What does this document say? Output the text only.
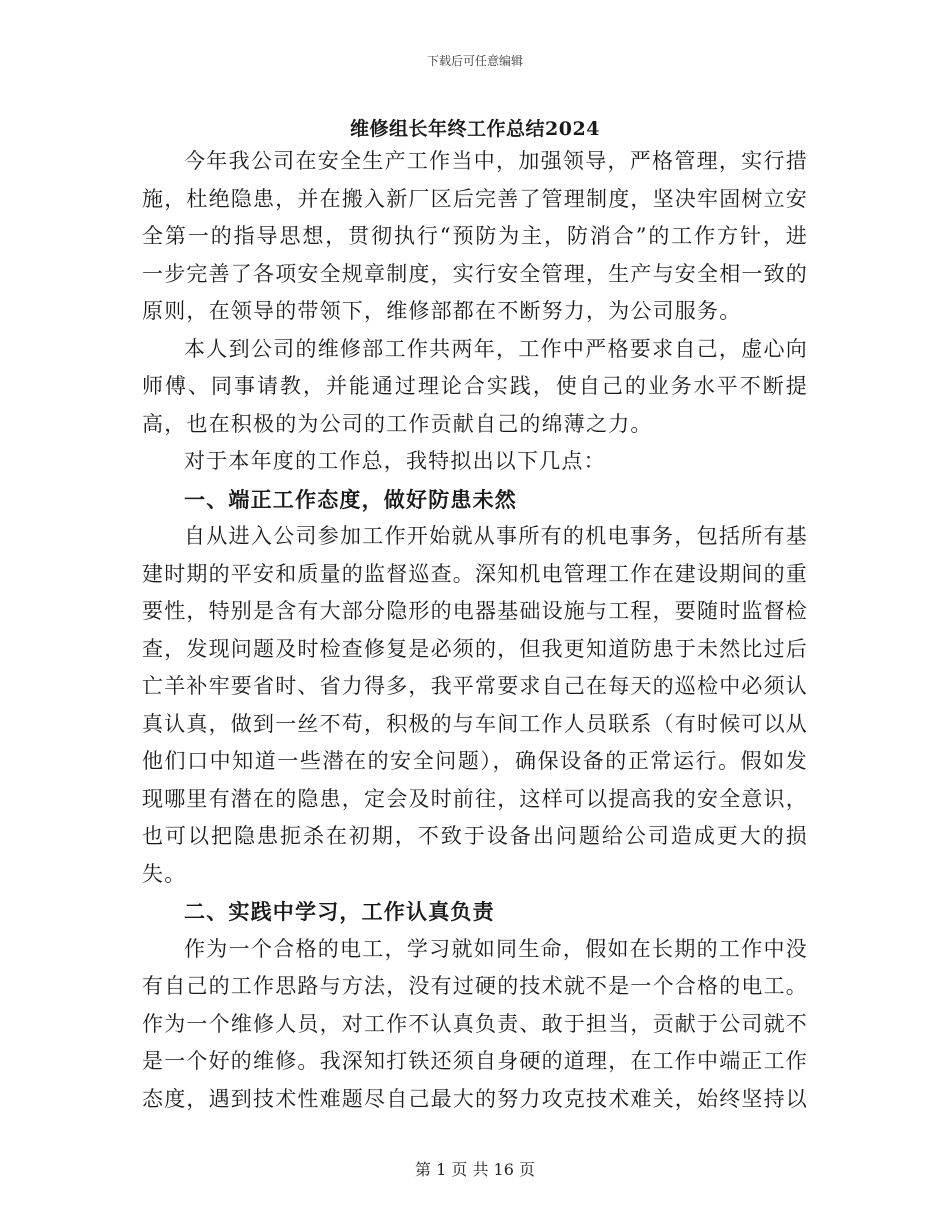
下载后可任意编辑
维修组长年终工作总结2024

今年我公司在安全生产工作当中，加强领导，严格管理，实行措施，杜绝隐患，并在搬入新厂区后完善了管理制度，坚决牢固树立安全第一的指导思想，贯彻执行“预防为主，防消合”的工作方针，进一步完善了各项安全规章制度，实行安全管理，生产与安全相一致的原则，在领导的带领下，维修部都在不断努力，为公司服务。

本人到公司的维修部工作共两年，工作中严格要求自己，虚心向师傅、同事请教，并能通过理论合实践，使自己的业务水平不断提高，也在积极的为公司的工作贡献自己的绵薄之力。

对于本年度的工作总，我特拟出以下几点：

一、端正工作态度，做好防患未然

自从进入公司参加工作开始就从事所有的机电事务，包括所有基建时期的平安和质量的监督巡查。深知机电管理工作在建设期间的重要性，特别是含有大部分隐形的电器基础设施与工程，要随时监督检查，发现问题及时检查修复是必须的，但我更知道防患于未然比过后亡羊补牢要省时、省力得多，我平常要求自己在每天的巡检中必须认真认真，做到一丝不苟，积极的与车间工作人员联系（有时候可以从他们口中知道一些潜在的安全问题），确保设备的正常运行。假如发现哪里有潜在的隐患，定会及时前往，这样可以提高我的安全意识，也可以把隐患扼杀在初期，不致于设备出问题给公司造成更大的损失。

二、实践中学习，工作认真负责

作为一个合格的电工，学习就如同生命，假如在长期的工作中没有自己的工作思路与方法，没有过硬的技术就不是一个合格的电工。作为一个维修人员，对工作不认真负责、敢于担当，贡献于公司就不是一个好的维修。我深知打铁还须自身硬的道理，在工作中端正工作态度，遇到技术性难题尽自己最大的努力攻克技术难关，始终坚持以

第 1 页 共 16 页
